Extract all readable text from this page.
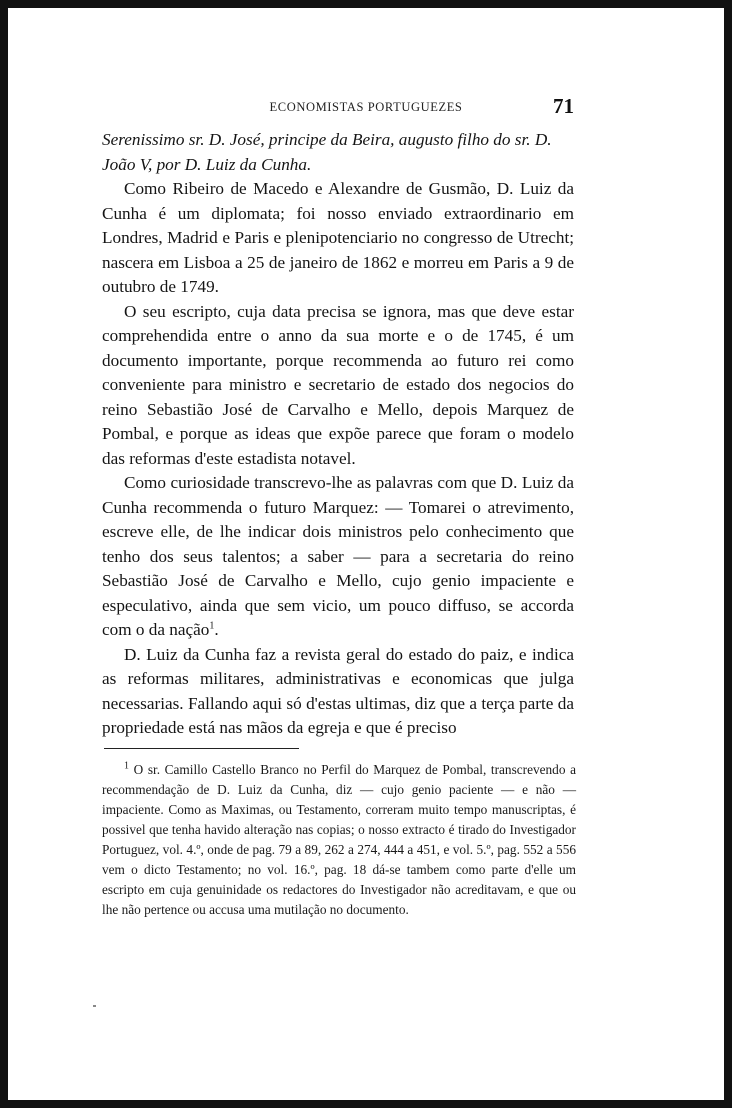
ECONOMISTAS PORTUGUEZES	71

Serenissimo sr. D. José, principe da Beira, augusto filho do sr. D. João V, por D. Luiz da Cunha.

Como Ribeiro de Macedo e Alexandre de Gusmão, D. Luiz da Cunha é um diplomata; foi nosso enviado extraordinario em Londres, Madrid e Paris e plenipotenciario no congresso de Utrecht; nascera em Lisboa a 25 de janeiro de 1862 e morreu em Paris a 9 de outubro de 1749.

O seu escripto, cuja data precisa se ignora, mas que deve estar comprehendida entre o anno da sua morte e o de 1745, é um documento importante, porque recommenda ao futuro rei como conveniente para ministro e secretario de estado dos negocios do reino Sebastião José de Carvalho e Mello, depois Marquez de Pombal, e porque as ideas que expõe parece que foram o modelo das reformas d'este estadista notavel.

Como curiosidade transcrevo-lhe as palavras com que D. Luiz da Cunha recommenda o futuro Marquez: — Tomarei o atrevimento, escreve elle, de lhe indicar dois ministros pelo conhecimento que tenho dos seus talentos; a saber — para a secretaria do reino Sebastião José de Carvalho e Mello, cujo genio impaciente e especulativo, ainda que sem vicio, um pouco diffuso, se accorda com o da nação$^1$.

D. Luiz da Cunha faz a revista geral do estado do paiz, e indica as reformas militares, administrativas e economicas que julga necessarias. Fallando aqui só d'estas ultimas, diz que a terça parte da propriedade está nas mãos da egreja e que é preciso

$^1$ O sr. Camillo Castello Branco no Perfil do Marquez de Pombal, transcrevendo a recommendação de D. Luiz da Cunha, diz — cujo genio paciente — e não — impaciente. Como as Maximas, ou Testamento, correram muito tempo manuscriptas, é possivel que tenha havido alteração nas copias; o nosso extracto é tirado do Investigador Portuguez, vol. 4.º, onde de pag. 79 a 89, 262 a 274, 444 a 451, e vol. 5.º, pag. 552 a 556 vem o dicto Testamento; no vol. 16.º, pag. 18 dá-se tambem como parte d'elle um escripto em cuja genuinidade os redactores do Investigador não acreditavam, e que ou lhe não pertence ou accusa uma mutilação no documento.
